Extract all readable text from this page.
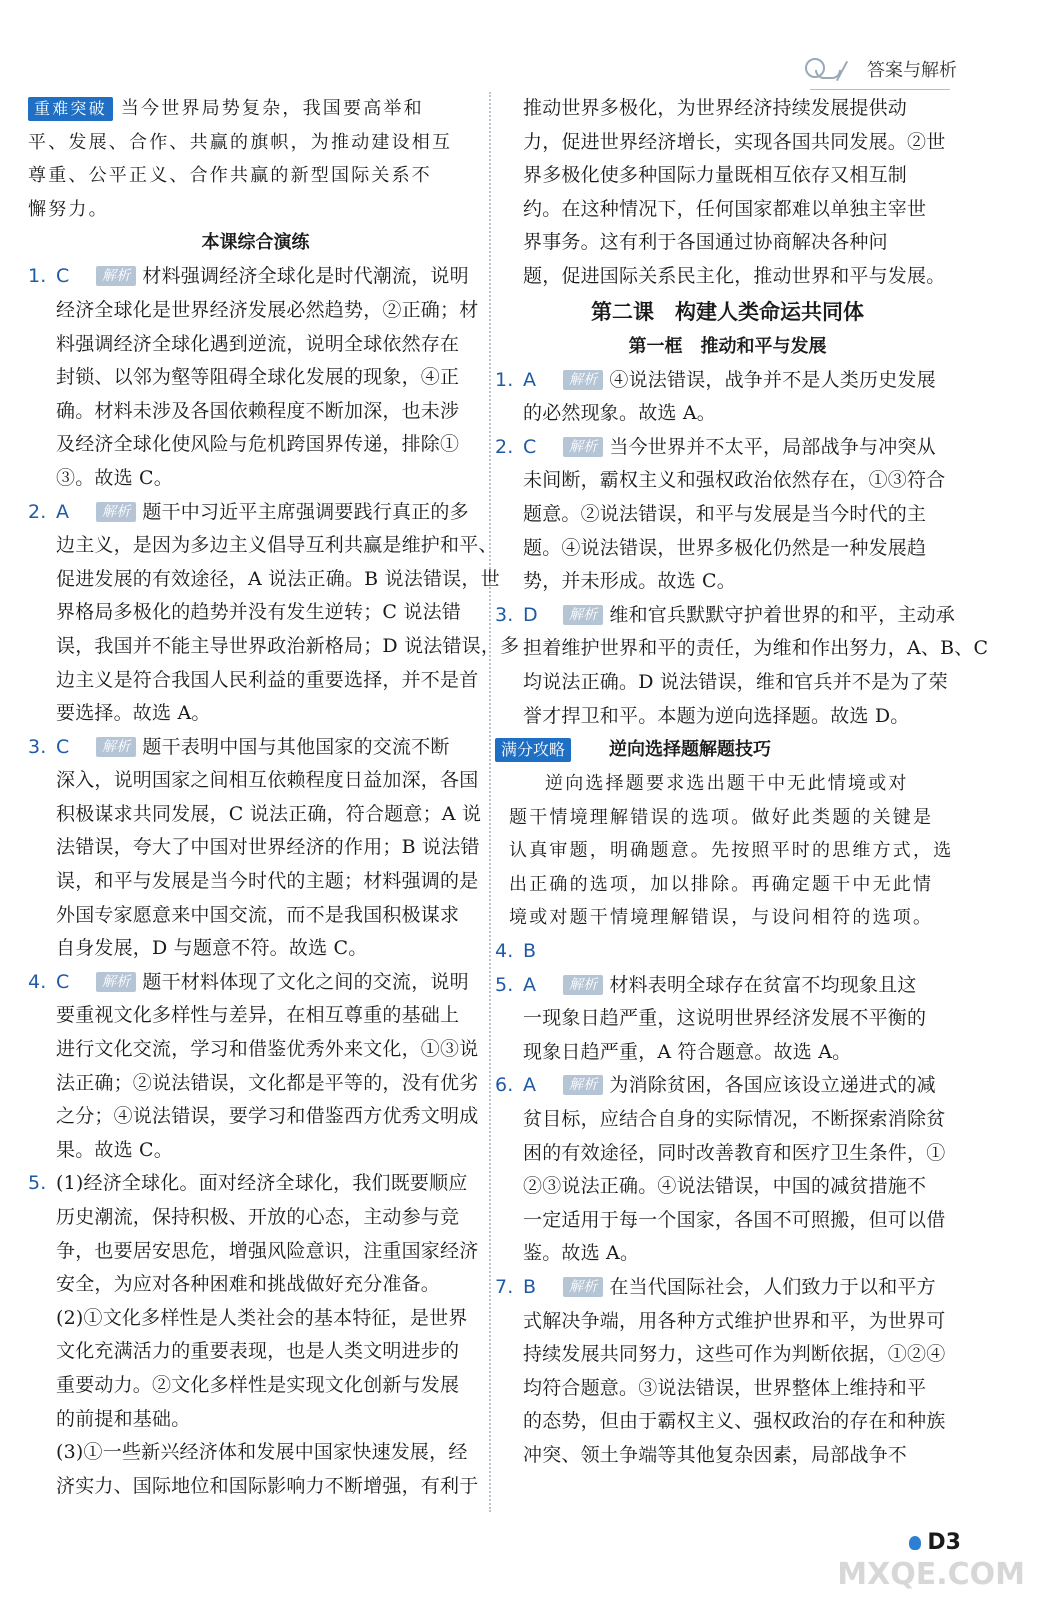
答案与解析
重难突破 当今世界局势复杂，我国要高举和
平、发展、合作、共赢的旗帜，为推动建设相互
尊重、公平正义、合作共赢的新型国际关系不
懈努力。
本课综合演练
1. C 解析 材料强调经济全球化是时代潮流，说明
经济全球化是世界经济发展必然趋势，②正确；材
料强调经济全球化遇到逆流，说明全球依然存在
封锁、以邻为壑等阻碍全球化发展的现象，④正
确。材料未涉及各国依赖程度不断加深，也未涉
及经济全球化使风险与危机跨国界传递，排除①
③。故选 C。
2. A 解析 题干中习近平主席强调要践行真正的多
边主义，是因为多边主义倡导互利共赢是维护和平、
促进发展的有效途径，A 说法正确。B 说法错误，世
界格局多极化的趋势并没有发生逆转；C 说法错
误，我国并不能主导世界政治新格局；D 说法错误，多
边主义是符合我国人民利益的重要选择，并不是首
要选择。故选 A。
3. C 解析 题干表明中国与其他国家的交流不断
深入，说明国家之间相互依赖程度日益加深，各国
积极谋求共同发展，C 说法正确，符合题意；A 说
法错误，夸大了中国对世界经济的作用；B 说法错
误，和平与发展是当今时代的主题；材料强调的是
外国专家愿意来中国交流，而不是我国积极谋求
自身发展，D 与题意不符。故选 C。
4. C 解析 题干材料体现了文化之间的交流，说明
要重视文化多样性与差异，在相互尊重的基础上
进行文化交流，学习和借鉴优秀外来文化，①③说
法正确；②说法错误，文化都是平等的，没有优劣
之分；④说法错误，要学习和借鉴西方优秀文明成
果。故选 C。
5. (1)经济全球化。面对经济全球化，我们既要顺应
历史潮流，保持积极、开放的心态，主动参与竞
争，也要居安思危，增强风险意识，注重国家经济
安全，为应对各种困难和挑战做好充分准备。
(2)①文化多样性是人类社会的基本特征，是世界
文化充满活力的重要表现，也是人类文明进步的
重要动力。②文化多样性是实现文化创新与发展
的前提和基础。
(3)①一些新兴经济体和发展中国家快速发展，经
济实力、国际地位和国际影响力不断增强，有利于
推动世界多极化，为世界经济持续发展提供动
力，促进世界经济增长，实现各国共同发展。②世
界多极化使多种国际力量既相互依存又相互制
约。在这种情况下，任何国家都难以单独主宰世
界事务。这有利于各国通过协商解决各种问
题，促进国际关系民主化，推动世界和平与发展。
第二课　构建人类命运共同体
第一框　推动和平与发展
1. A 解析 ④说法错误，战争并不是人类历史发展
的必然现象。故选 A。
2. C 解析 当今世界并不太平，局部战争与冲突从
未间断，霸权主义和强权政治依然存在，①③符合
题意。②说法错误，和平与发展是当今时代的主
题。④说法错误，世界多极化仍然是一种发展趋
势，并未形成。故选 C。
3. D 解析 维和官兵默默守护着世界的和平，主动承
担着维护世界和平的责任，为维和作出努力，A、B、C
均说法正确。D 说法错误，维和官兵并不是为了荣
誉才捍卫和平。本题为逆向选择题。故选 D。
满分攻略	逆向选择题解题技巧
逆向选择题要求选出题干中无此情境或对
题干情境理解错误的选项。做好此类题的关键是
认真审题，明确题意。先按照平时的思维方式，选
出正确的选项，加以排除。再确定题干中无此情
境或对题干情境理解错误，与设问相符的选项。
4. B
5. A 解析 材料表明全球存在贫富不均现象且这
一现象日趋严重，这说明世界经济发展不平衡的
现象日趋严重，A 符合题意。故选 A。
6. A 解析 为消除贫困，各国应该设立递进式的减
贫目标，应结合自身的实际情况，不断探索消除贫
困的有效途径，同时改善教育和医疗卫生条件，①
②③说法正确。④说法错误，中国的减贫措施不
一定适用于每一个国家，各国不可照搬，但可以借
鉴。故选 A。
7. B 解析 在当代国际社会，人们致力于以和平方
式解决争端，用各种方式维护世界和平，为世界可
持续发展共同努力，这些可作为判断依据，①②④
均符合题意。③说法错误，世界整体上维持和平
的态势，但由于霸权主义、强权政治的存在和种族
冲突、领土争端等其他复杂因素，局部战争不
D3
MXQE.COM
